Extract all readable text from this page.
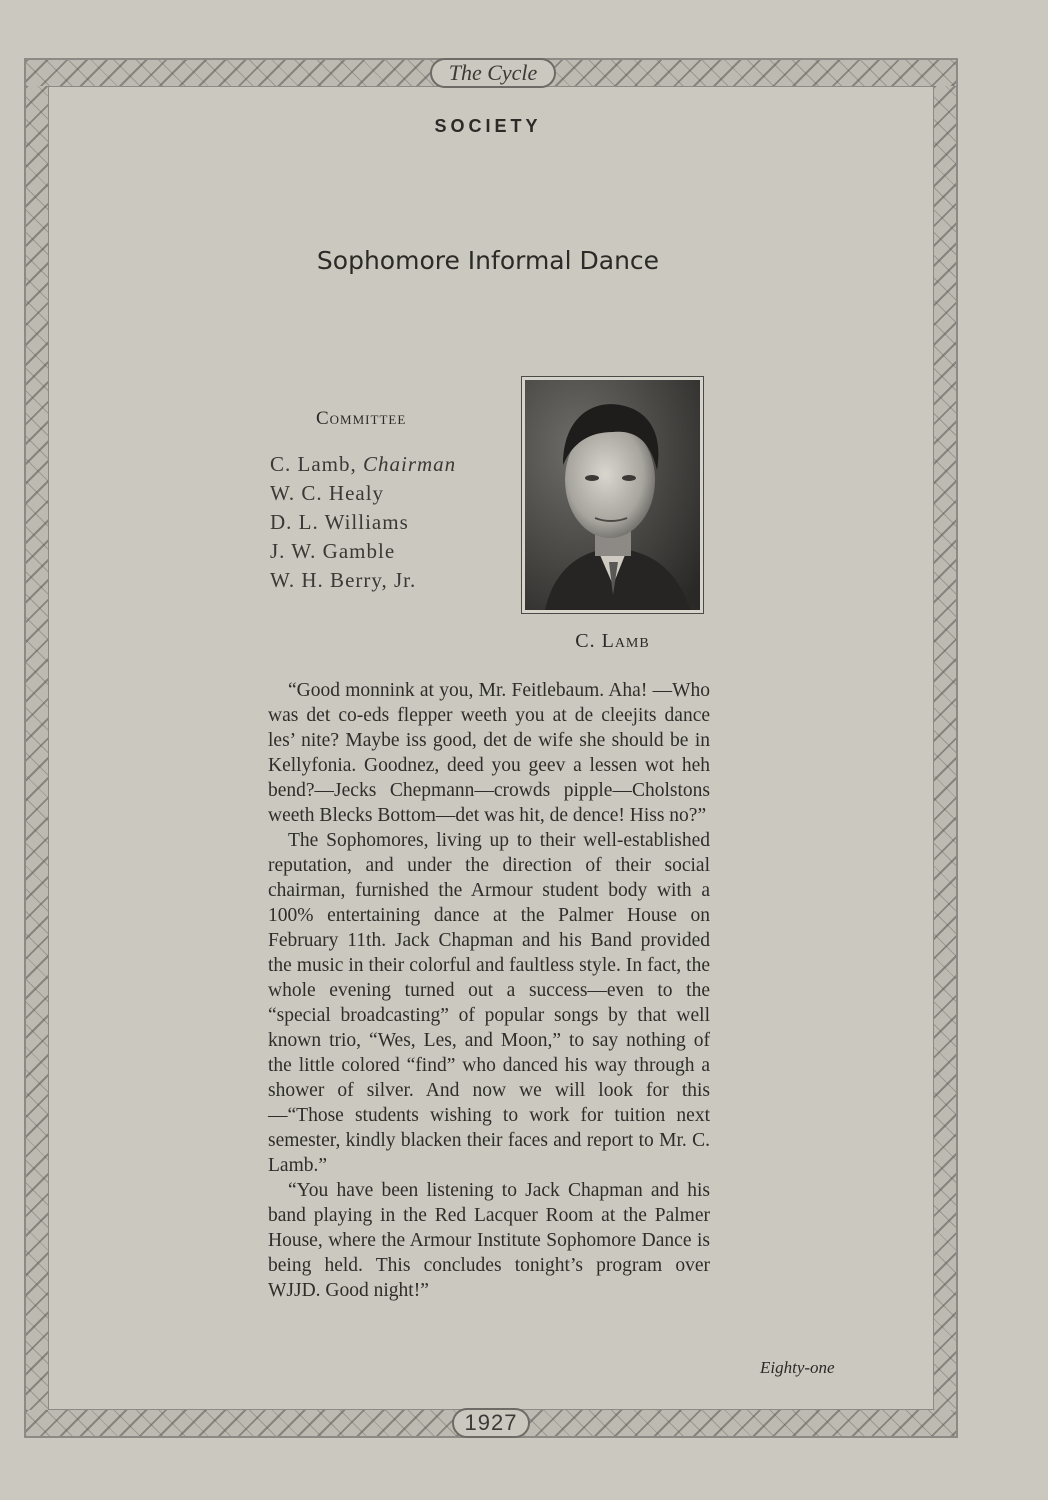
The Cycle
1927
SOCIETY
Sophomore Informal Dance
Committee
C. Lamb, Chairman
W. C. Healy
D. L. Williams
J. W. Gamble
W. H. Berry, Jr.
C. Lamb

“Good monnink at you, Mr. Feitlebaum. Aha! —Who was det co-eds flepper weeth you at de cleejits dance les’ nite? Maybe iss good, det de wife she should be in Kellyfonia. Goodnez, deed you geev a lessen wot heh bend?—Jecks Chepmann—crowds pipple—Cholstons weeth Blecks Bottom—det was hit, de dence! Hiss no?”

The Sophomores, living up to their well-established reputation, and under the direction of their social chairman, furnished the Armour student body with a 100% entertaining dance at the Palmer House on February 11th. Jack Chapman and his Band provided the music in their colorful and faultless style. In fact, the whole evening turned out a success—even to the “special broadcasting” of popular songs by that well known trio, “Wes, Les, and Moon,” to say nothing of the little colored “find” who danced his way through a shower of silver. And now we will look for this—“Those students wishing to work for tuition next semester, kindly blacken their faces and report to Mr. C. Lamb.”

“You have been listening to Jack Chapman and his band playing in the Red Lacquer Room at the Palmer House, where the Armour Institute Sophomore Dance is being held. This concludes tonight’s program over WJJD. Good night!”

Eighty-one
